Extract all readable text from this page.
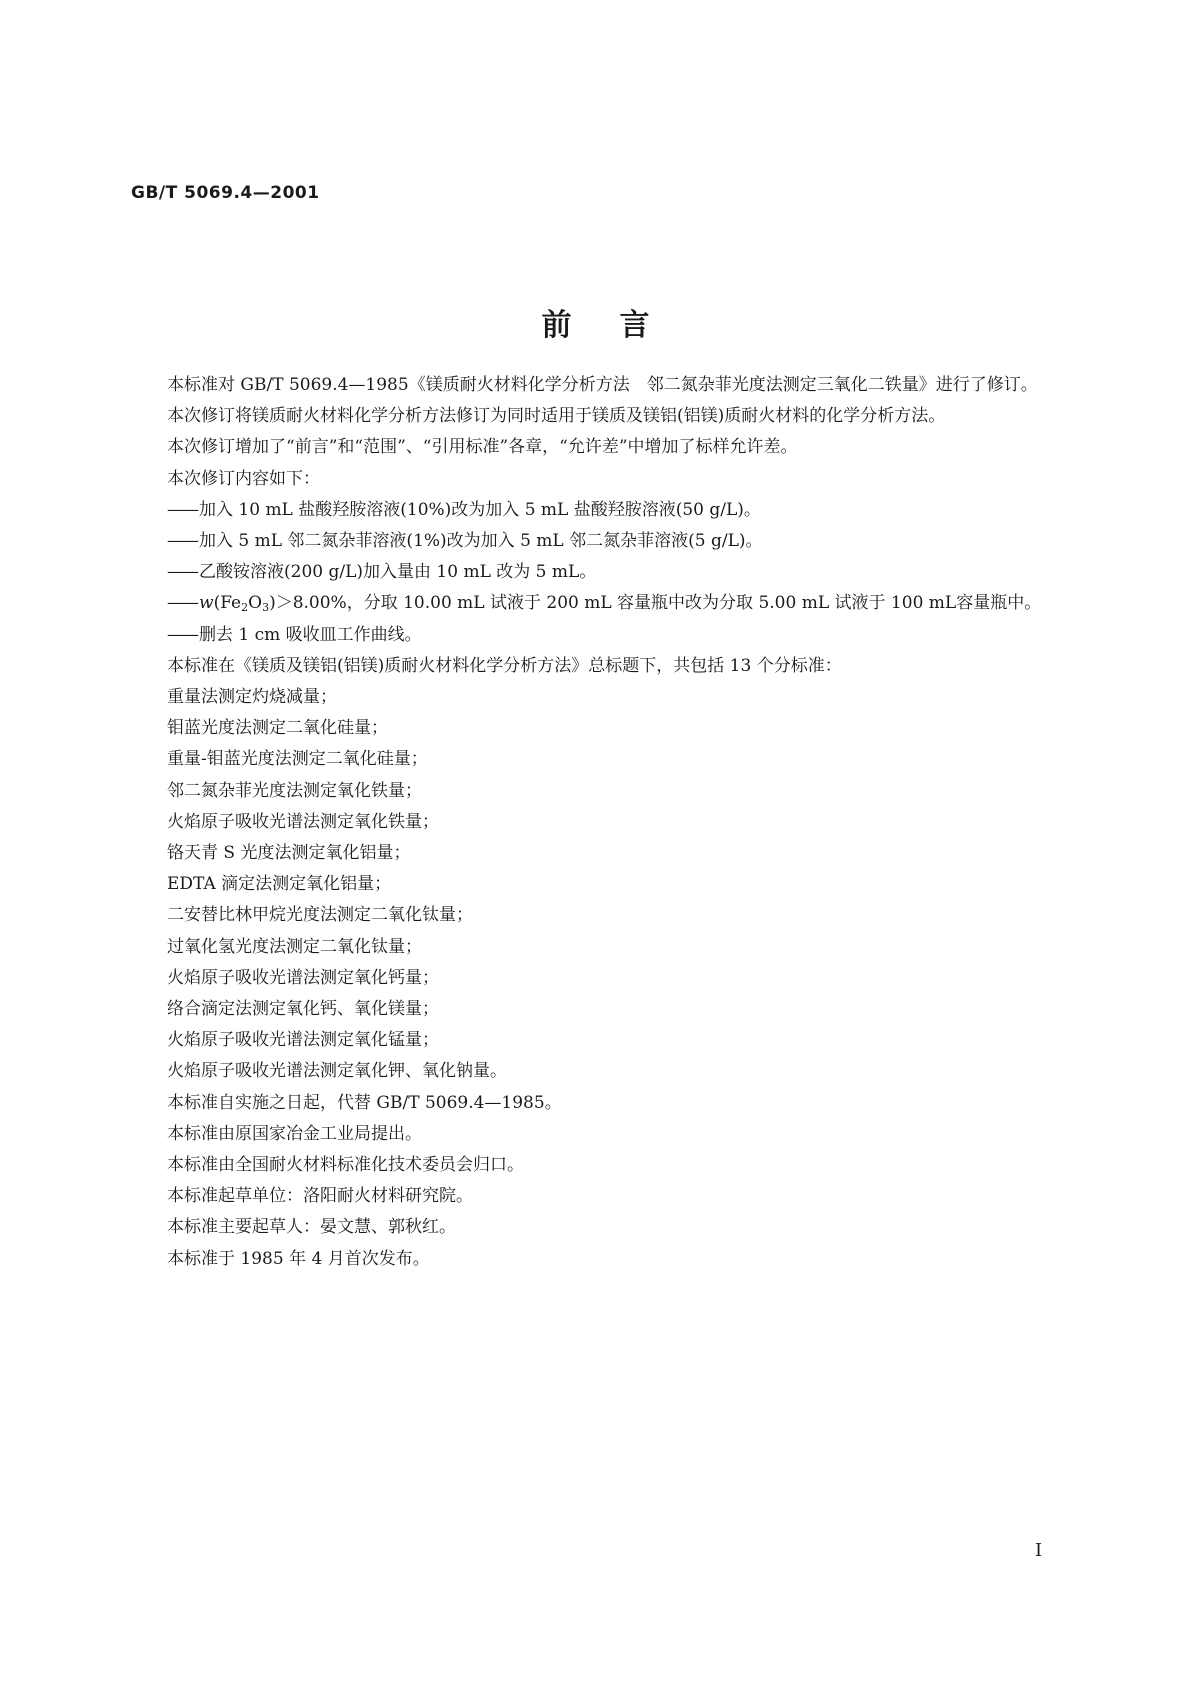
GB/T 5069.4—2001
前言

本标准对 GB/T 5069.4—1985《镁质耐火材料化学分析方法　邻二氮杂菲光度法测定三氧化二铁量》进行了修订。

本次修订将镁质耐火材料化学分析方法修订为同时适用于镁质及镁铝(铝镁)质耐火材料的化学分析方法。

本次修订增加了“前言”和“范围”、“引用标准”各章，“允许差”中增加了标样允许差。

本次修订内容如下：

—— 加入 10 mL 盐酸羟胺溶液(10%)改为加入 5 mL 盐酸羟胺溶液(50 g/L)。

—— 加入 5 mL 邻二氮杂菲溶液(1%)改为加入 5 mL 邻二氮杂菲溶液(5 g/L)。

—— 乙酸铵溶液(200 g/L)加入量由 10 mL 改为 5 mL。

—— $w(Fe_2O_3)>8.00\%$，分取 10.00 mL 试液于 200 mL 容量瓶中改为分取 5.00 mL 试液于 100 mL容量瓶中。

—— 删去 1 cm 吸收皿工作曲线。

本标准在《镁质及镁铝(铝镁)质耐火材料化学分析方法》总标题下，共包括 13 个分标准：

重量法测定灼烧减量；

钼蓝光度法测定二氧化硅量；

重量-钼蓝光度法测定二氧化硅量；

邻二氮杂菲光度法测定氧化铁量；

火焰原子吸收光谱法测定氧化铁量；

铬天青 S 光度法测定氧化铝量；

EDTA 滴定法测定氧化铝量；

二安替比林甲烷光度法测定二氧化钛量；

过氧化氢光度法测定二氧化钛量；

火焰原子吸收光谱法测定氧化钙量；

络合滴定法测定氧化钙、氧化镁量；

火焰原子吸收光谱法测定氧化锰量；

火焰原子吸收光谱法测定氧化钾、氧化钠量。

本标准自实施之日起，代替 GB/T 5069.4—1985。

本标准由原国家冶金工业局提出。

本标准由全国耐火材料标准化技术委员会归口。

本标准起草单位：洛阳耐火材料研究院。

本标准主要起草人：晏文慧、郭秋红。

本标准于 1985 年 4 月首次发布。

I
